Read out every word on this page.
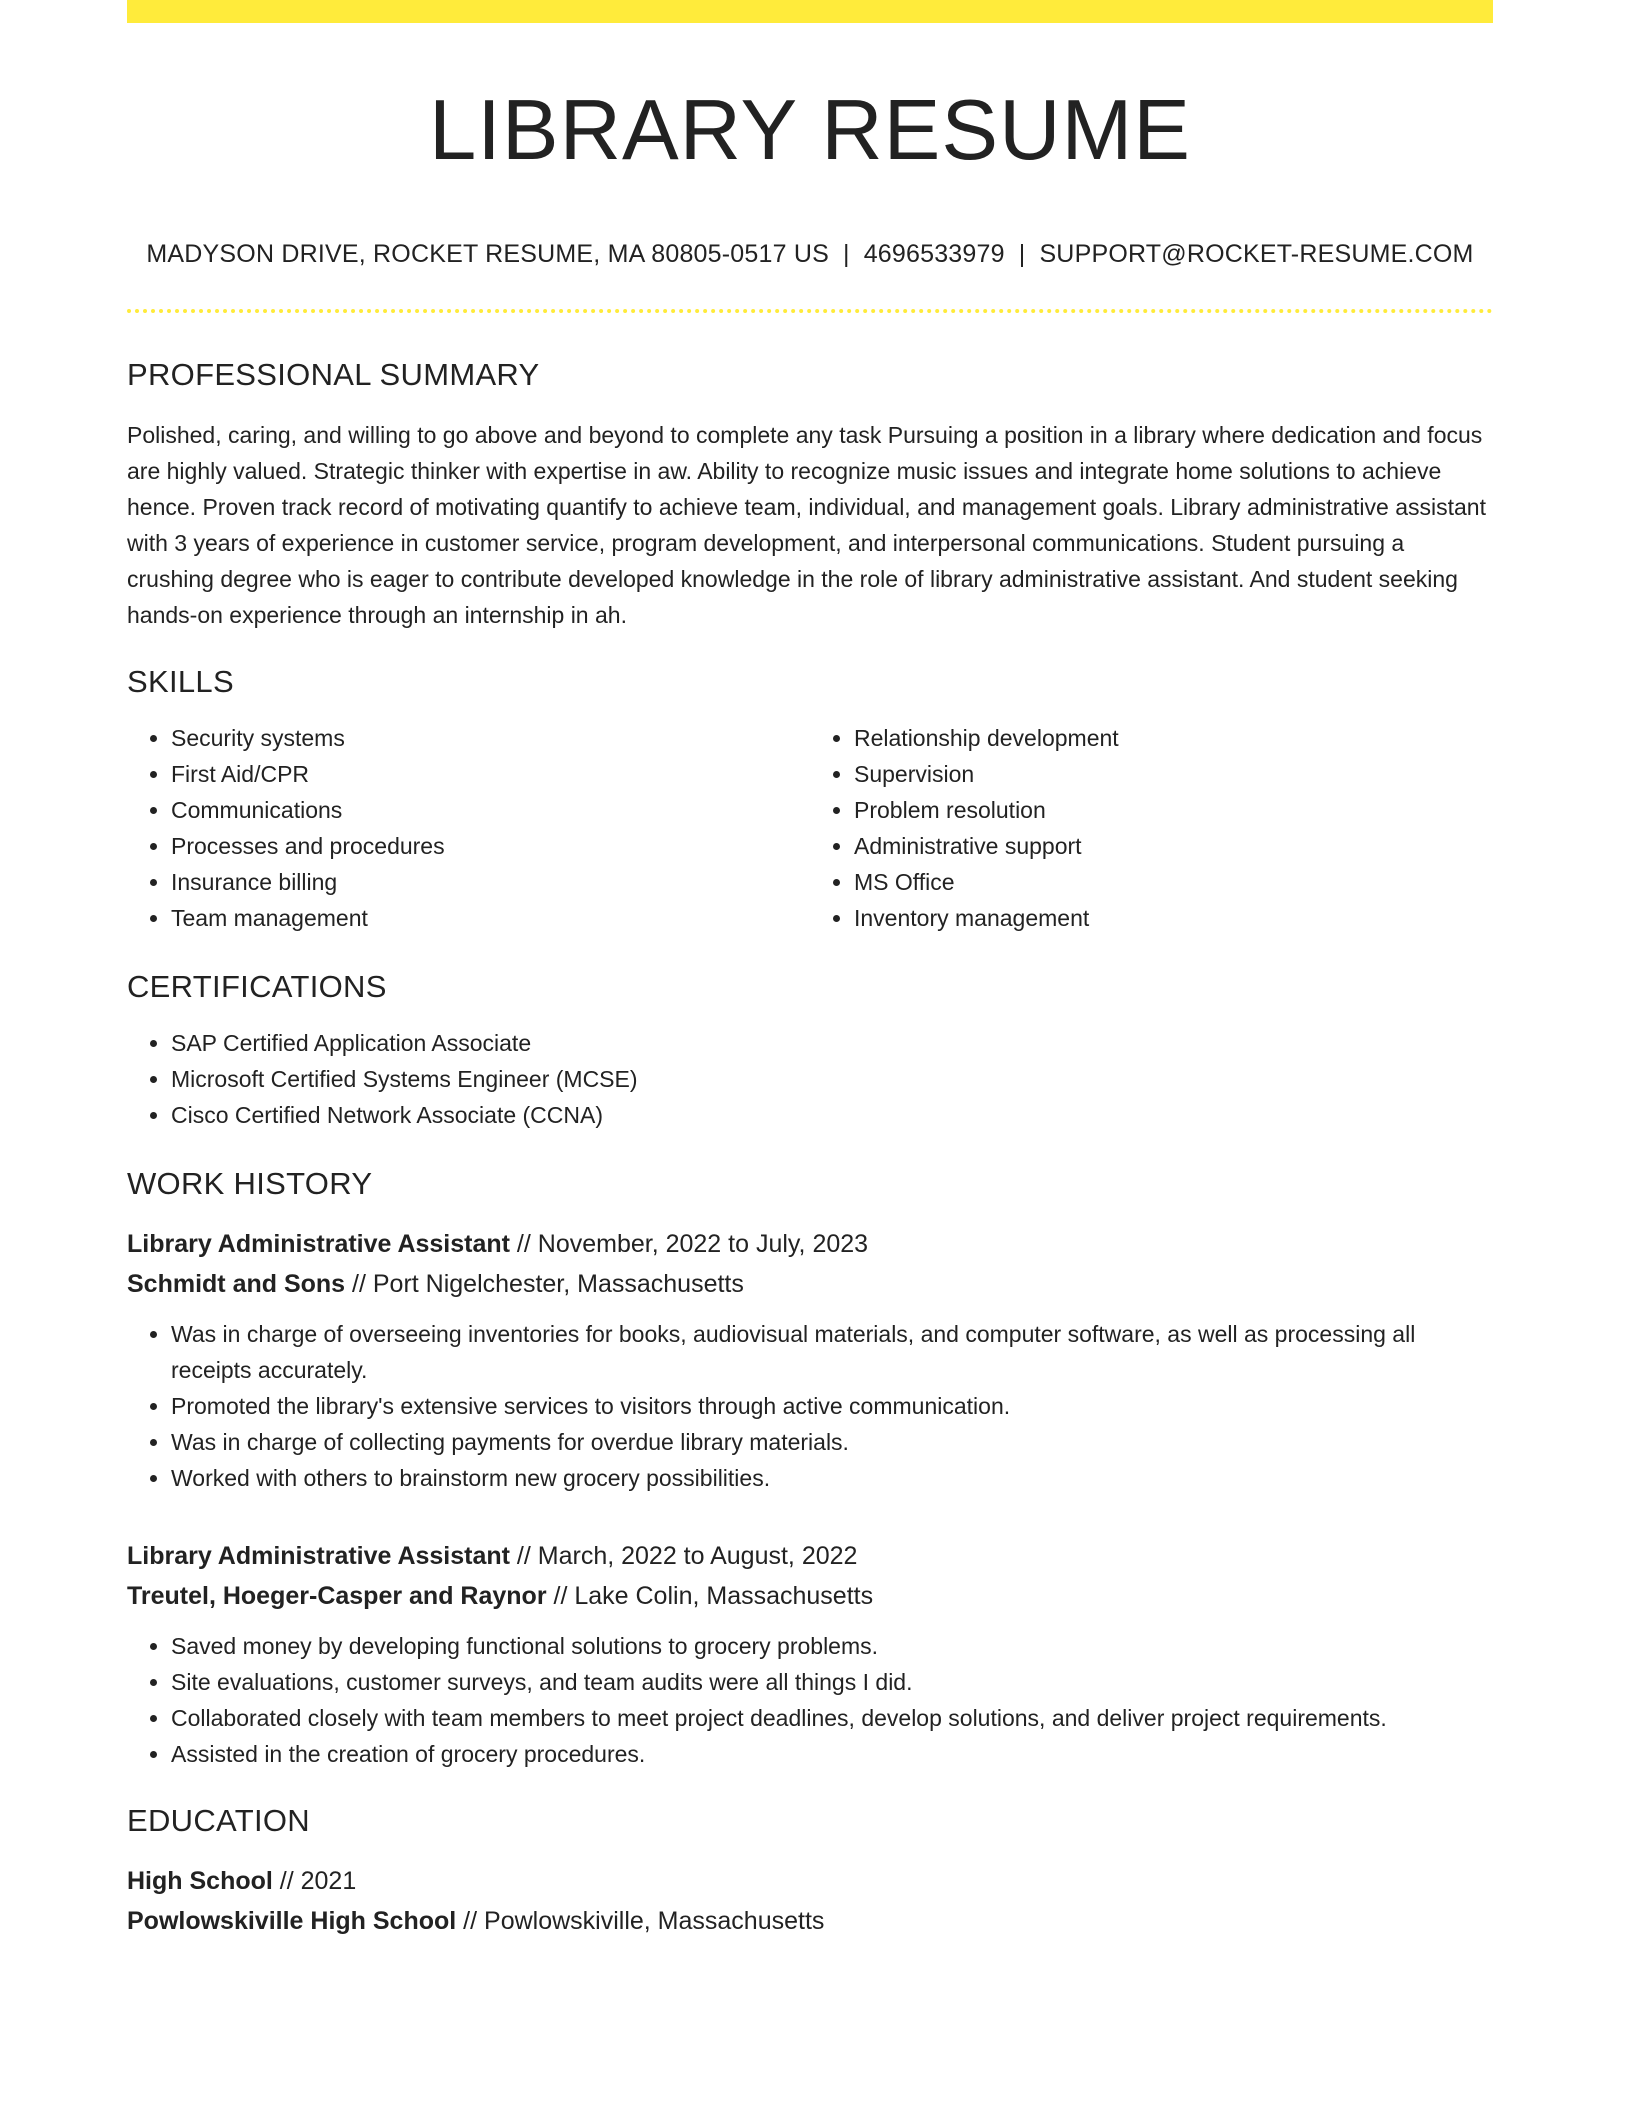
LIBRARY RESUME
MADYSON DRIVE, ROCKET RESUME, MA 80805-0517 US | 4696533979 | SUPPORT@ROCKET-RESUME.COM
PROFESSIONAL SUMMARY

Polished, caring, and willing to go above and beyond to complete any task Pursuing a position in a library where dedication and focus are highly valued. Strategic thinker with expertise in aw. Ability to recognize music issues and integrate home solutions to achieve hence. Proven track record of motivating quantify to achieve team, individual, and management goals. Library administrative assistant with 3 years of experience in customer service, program development, and interpersonal communications. Student pursuing a crushing degree who is eager to contribute developed knowledge in the role of library administrative assistant. And student seeking hands-on experience through an internship in ah.

SKILLS
• Security systems
• First Aid/CPR
• Communications
• Processes and procedures
• Insurance billing
• Team management
• Relationship development
• Supervision
• Problem resolution
• Administrative support
• MS Office
• Inventory management
CERTIFICATIONS
• SAP Certified Application Associate
• Microsoft Certified Systems Engineer (MCSE)
• Cisco Certified Network Associate (CCNA)
WORK HISTORY
Library Administrative Assistant // November, 2022 to July, 2023
Schmidt and Sons // Port Nigelchester, Massachusetts
• Was in charge of overseeing inventories for books, audiovisual materials, and computer software, as well as processing all receipts accurately.
• Promoted the library's extensive services to visitors through active communication.
• Was in charge of collecting payments for overdue library materials.
• Worked with others to brainstorm new grocery possibilities.
Library Administrative Assistant // March, 2022 to August, 2022
Treutel, Hoeger-Casper and Raynor // Lake Colin, Massachusetts
• Saved money by developing functional solutions to grocery problems.
• Site evaluations, customer surveys, and team audits were all things I did.
• Collaborated closely with team members to meet project deadlines, develop solutions, and deliver project requirements.
• Assisted in the creation of grocery procedures.
EDUCATION
High School // 2021
Powlowskiville High School // Powlowskiville, Massachusetts
